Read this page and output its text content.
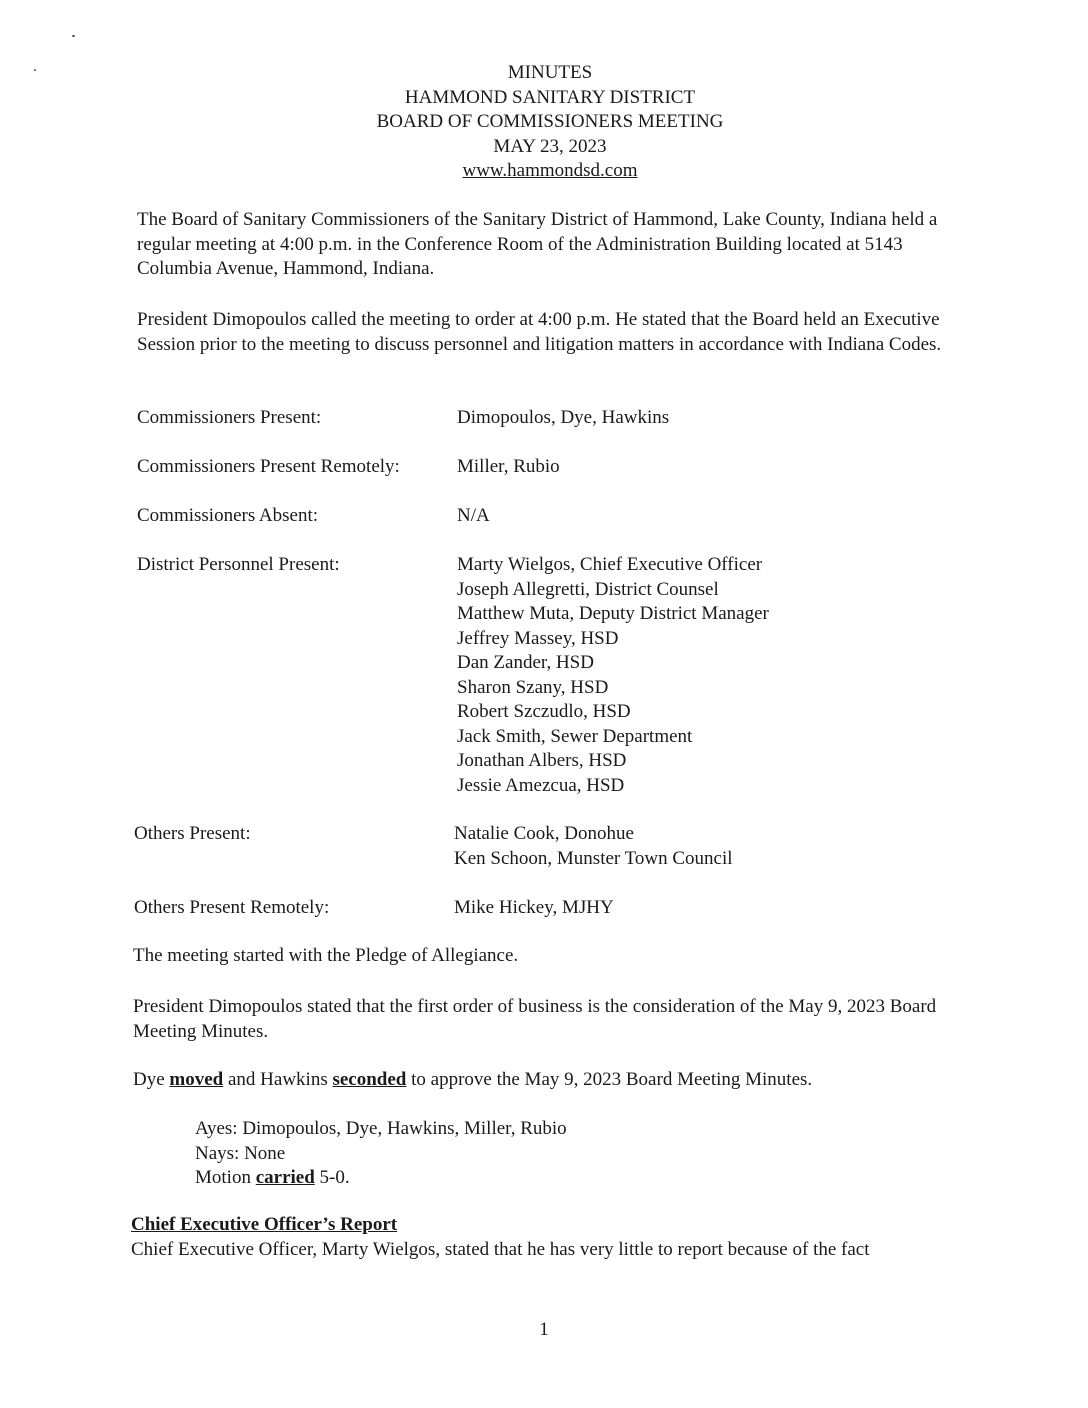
MINUTES
HAMMOND SANITARY DISTRICT
BOARD OF COMMISSIONERS MEETING
MAY 23, 2023
www.hammondsd.com

The Board of Sanitary Commissioners of the Sanitary District of Hammond, Lake County, Indiana held a regular meeting at 4:00 p.m. in the Conference Room of the Administration Building located at 5143 Columbia Avenue, Hammond, Indiana.

President Dimopoulos called the meeting to order at 4:00 p.m. He stated that the Board held an Executive Session prior to the meeting to discuss personnel and litigation matters in accordance with Indiana Codes.

Commissioners Present:	Dimopoulos, Dye, Hawkins
Commissioners Present Remotely:	Miller, Rubio
Commissioners Absent:	N/A
District Personnel Present:	Marty Wielgos, Chief Executive Officer
Joseph Allegretti, District Counsel
Matthew Muta, Deputy District Manager
Jeffrey Massey, HSD
Dan Zander, HSD
Sharon Szany, HSD
Robert Szczudlo, HSD
Jack Smith, Sewer Department
Jonathan Albers, HSD
Jessie Amezcua, HSD
Others Present:	Natalie Cook, Donohue
Ken Schoon, Munster Town Council
Others Present Remotely:	Mike Hickey, MJHY

The meeting started with the Pledge of Allegiance.

President Dimopoulos stated that the first order of business is the consideration of the May 9, 2023 Board Meeting Minutes.

Dye moved and Hawkins seconded to approve the May 9, 2023 Board Meeting Minutes.

Ayes: Dimopoulos, Dye, Hawkins, Miller, Rubio
Nays: None
Motion carried 5-0.
Chief Executive Officer’s Report

Chief Executive Officer, Marty Wielgos, stated that he has very little to report because of the fact

1
